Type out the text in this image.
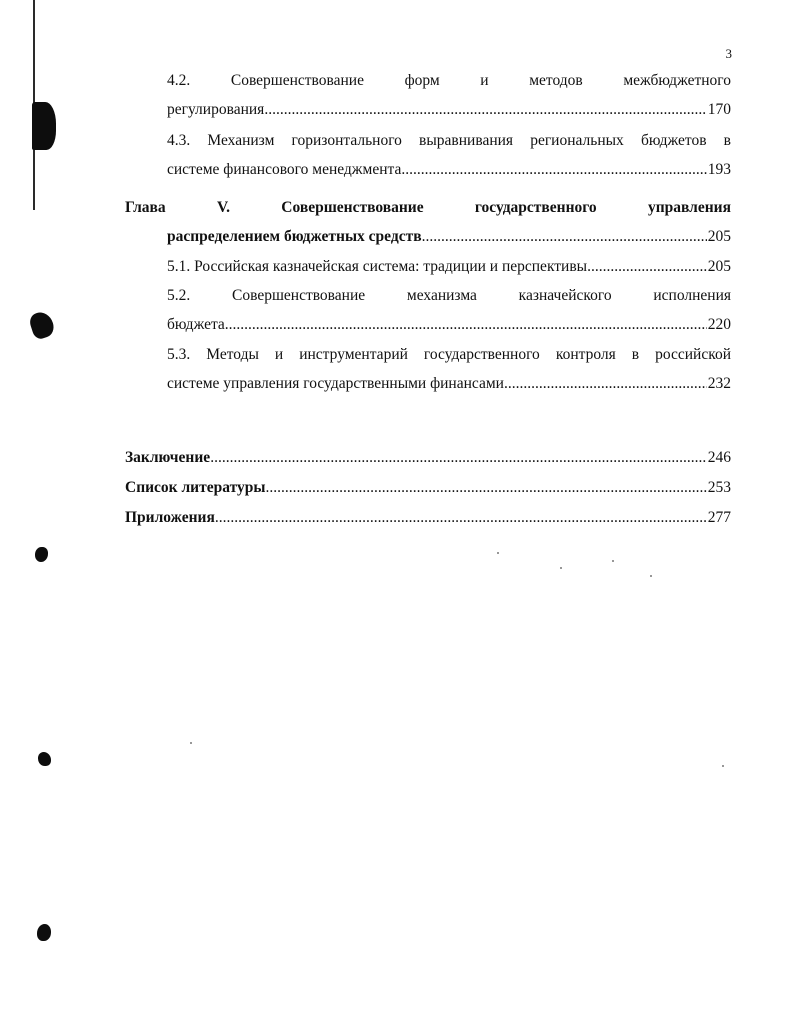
3
4.2. Совершенствование форм и методов межбюджетного
регулирования .....	170
4.3. Механизм горизонтального выравнивания региональных бюджетов в
системе финансового менеджмента .....	193
Глава V. Совершенствование государственного управления
распределением бюджетных средств .....	205
5.1. Российская казначейская система: традиции и перспективы .....	205
5.2. Совершенствование механизма казначейского исполнения
бюджета .....	220
5.3. Методы и инструментарий государственного контроля в российской
системе управления государственными финансами .....	232
Заключение .....	246
Список литературы .....	253
Приложения .....	277
